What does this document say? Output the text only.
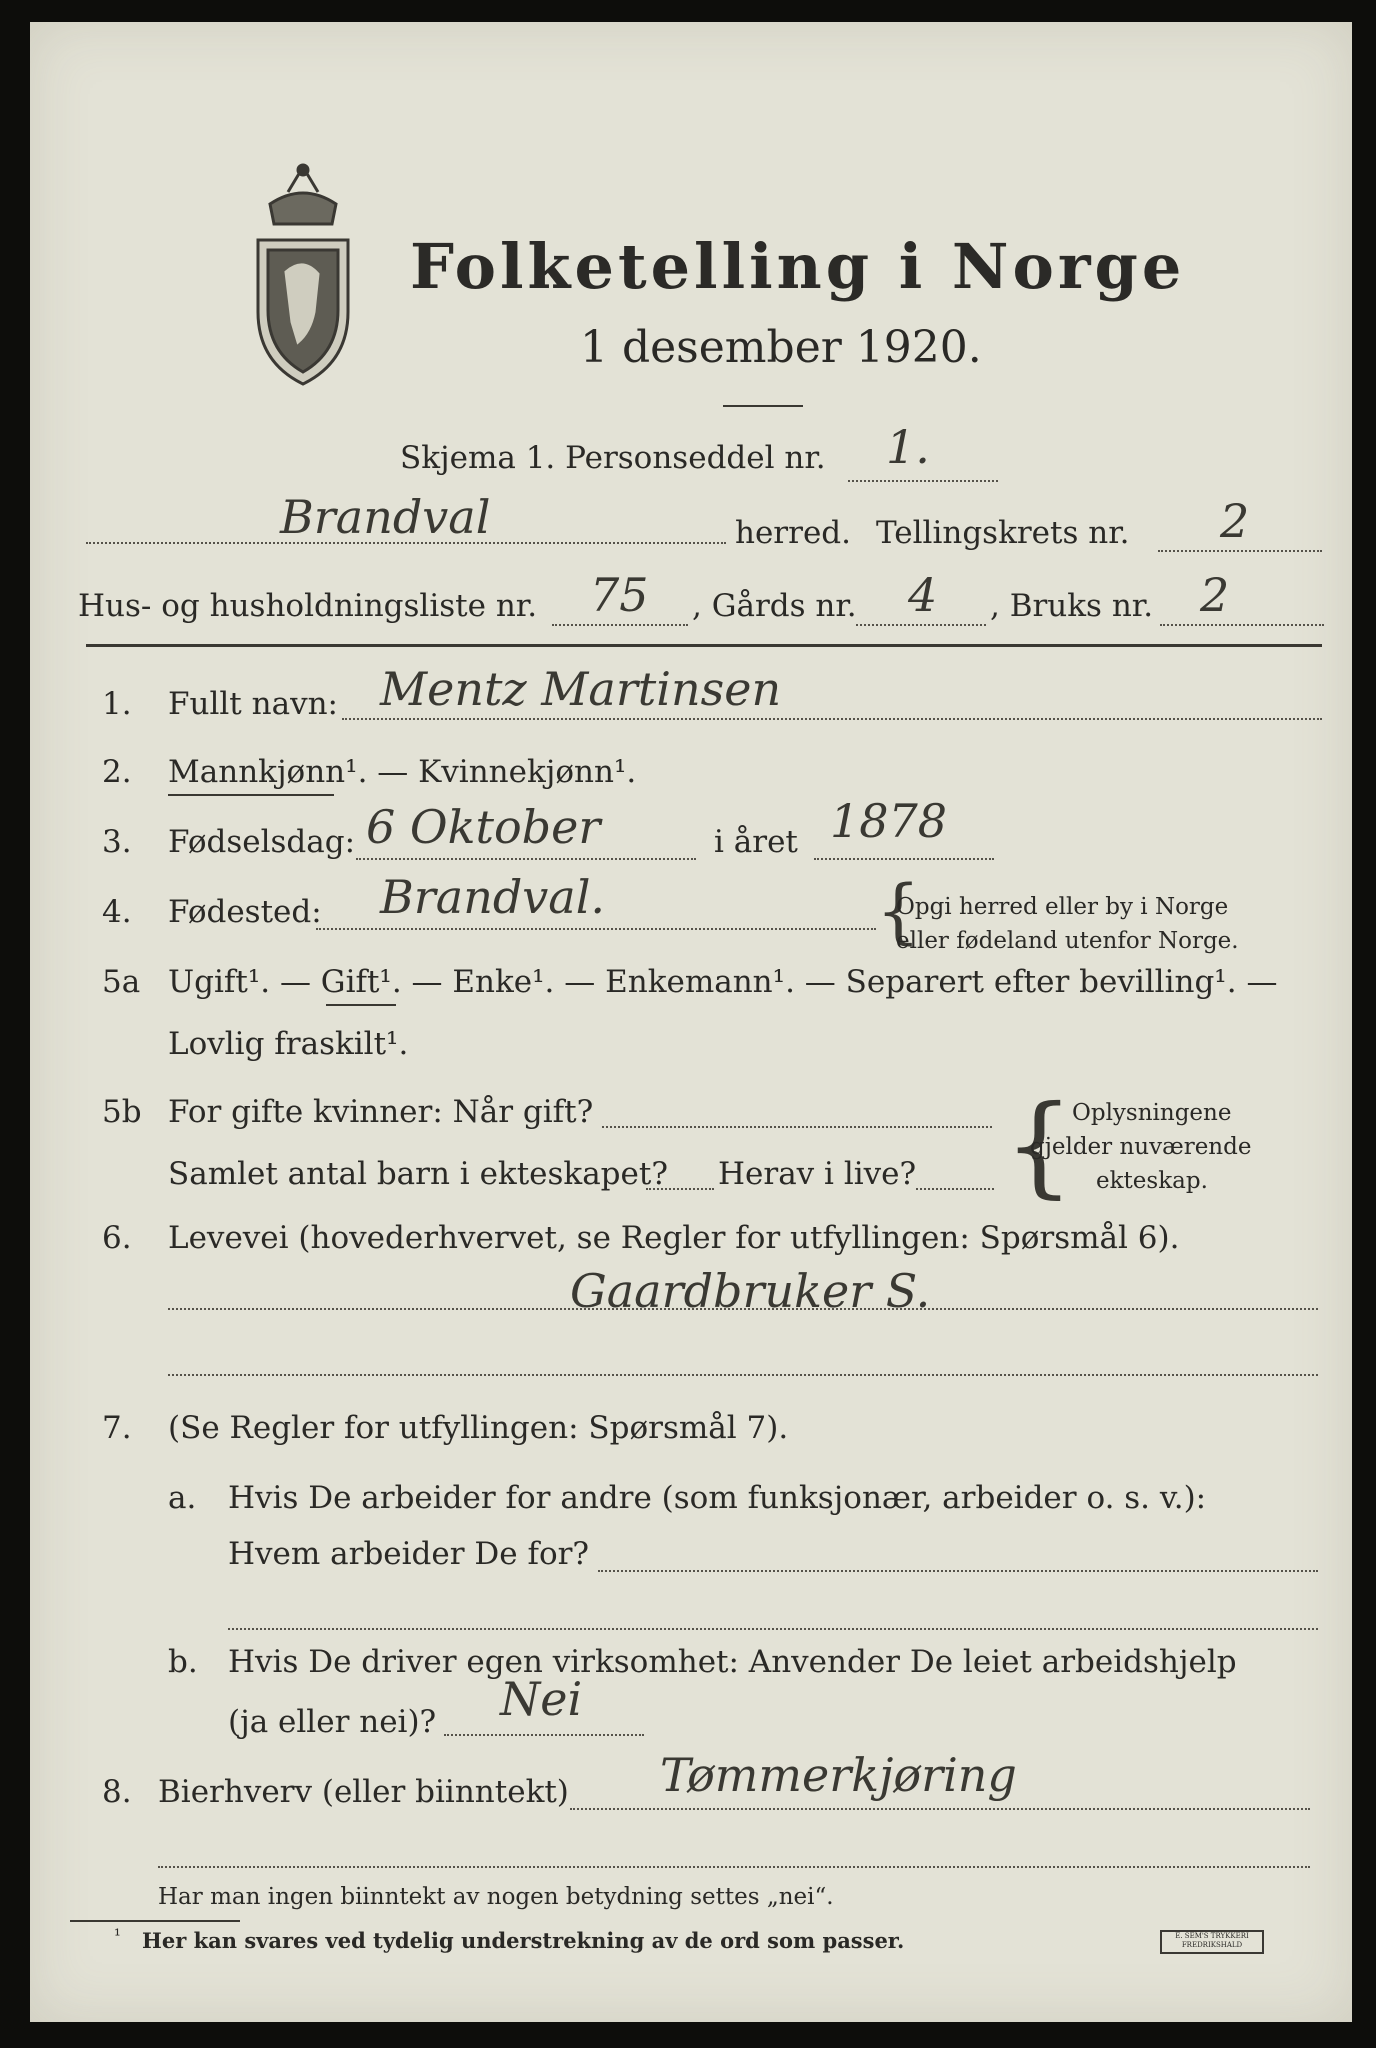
Folketelling i Norge
1 desember 1920.
Skjema 1. Personseddel nr. 1.
Brandval	herred. Tellingskrets nr. 2
Hus- og husholdningsliste nr. 75 , Gårds nr. 4 , Bruks nr. 2
1. Fullt navn: Mentz Martinsen
2. Mannkjønn¹. — Kvinnekjønn¹.
3. Fødselsdag: 6 Oktober	i året 1878
4. Fødested: Brandval.	{
Opgi herred eller by i Norge
eller fødeland utenfor Norge.
5a Ugift¹. — Gift¹. — Enke¹. — Enkemann¹. — Separert efter bevilling¹. —
Lovlig fraskilt¹.
5b For gifte kvinner: Når gift?
Samlet antal barn i ekteskapet? Herav i live? {
Oplysningene
gjelder nuværende
ekteskap.
6. Levevei (hovederhvervet, se Regler for utfyllingen: Spørsmål 6).
Gaardbruker S.
7. (Se Regler for utfyllingen: Spørsmål 7).
a. Hvis De arbeider for andre (som funksjonær, arbeider o. s. v.):
Hvem arbeider De for?
b. Hvis De driver egen virksomhet: Anvender De leiet arbeidshjelp
(ja eller nei)? Nei
8. Bierhverv (eller biinntekt) Tømmerkjøring
Har man ingen biinntekt av nogen betydning settes „nei“.
¹ Her kan svares ved tydelig understrekning av de ord som passer.	E. SEM'S TRYKKERI FREDRIKSHALD
